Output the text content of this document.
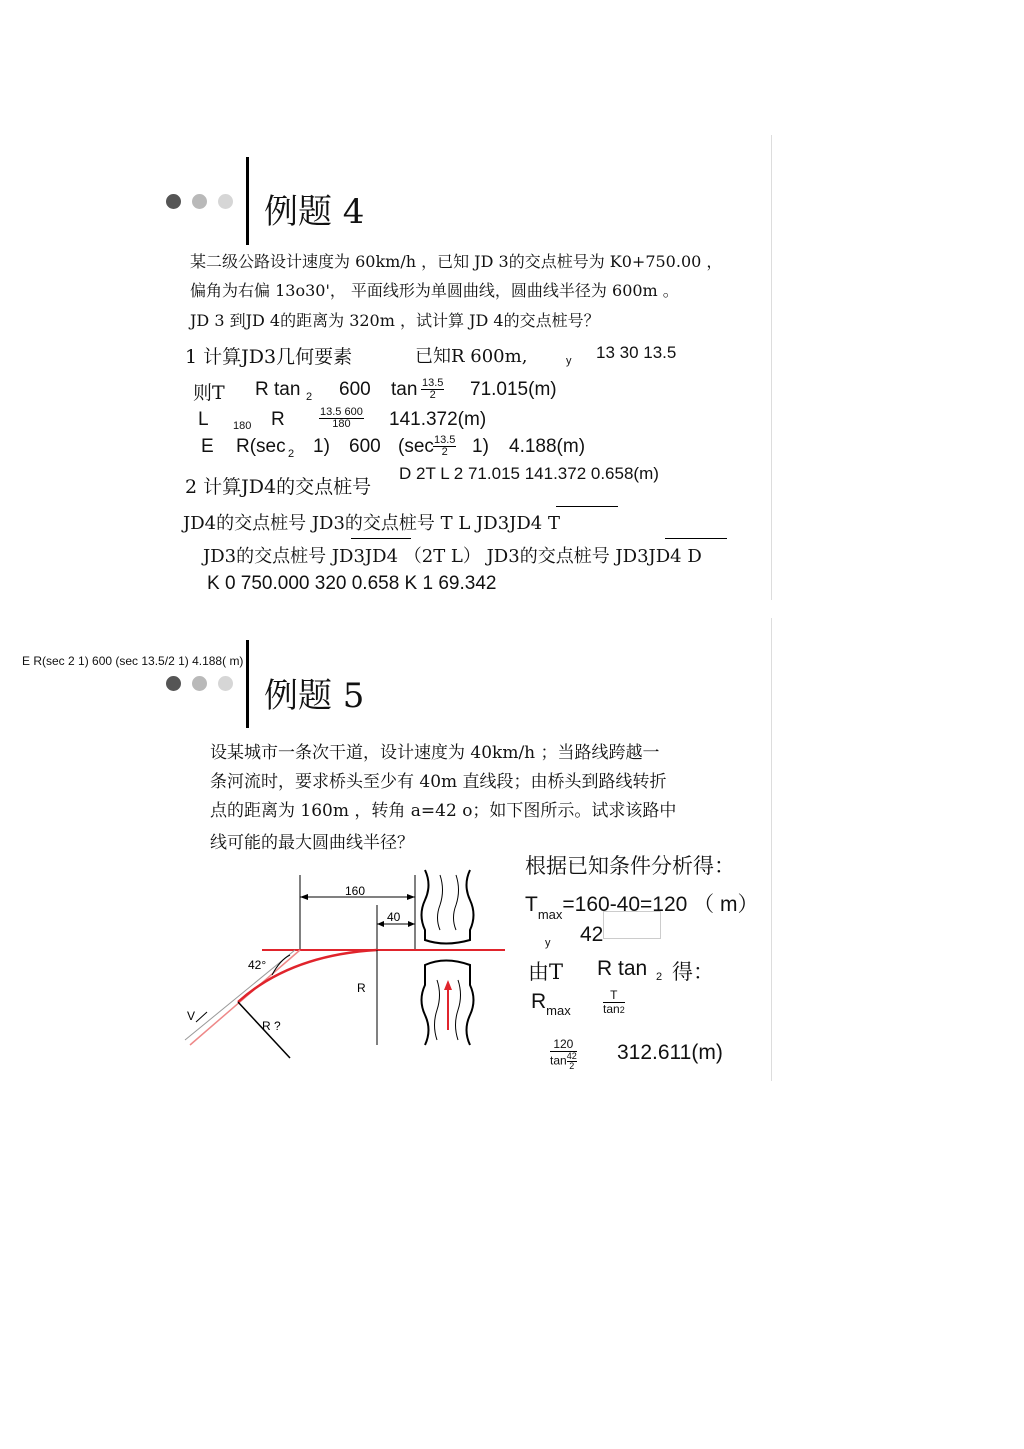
例题 4
某二级公路设计速度为 60km/h ，已知 JD 3的交点桩号为 K0+750.00 ，
偏角为右偏 13o30'， 平面线形为单圆曲线，圆曲线半径为 600m 。
JD 3 到JD 4的距离为 320m ，试计算 JD 4的交点桩号？
1 计算JD3几何要素	已知R 600m,	y 13 30 13.5
则T R tan 2 600 $\tan \frac{13.5}{2} 71.015(m)$
L 180 R	$\frac{13.5 600}{180} 141.372(m)$
E R(sec 2 1) 600 $(\sec \frac{13.5}{2} 1)$ 4.188(m)
2 计算JD4的交点桩号
D 2T L 2 71.015 141.372 0.658(m)
JD4的交点桩号 JD3的交点桩号 T L JD3JD4 T
JD3的交点桩号 JD3JD4 （2T L） JD3的交点桩号 JD3JD4 D
K 0 750.000 320 0.658 K 1 69.342
E R(sec 2 1) 600 (sec 13.5/2 1) 4.188( m)
例题 5
设某城市一条次干道，设计速度为 40km/h ；当路线跨越一
条河流时，要求桥头至少有 40m 直线段；由桥头到路线转折
点的距离为 160m ，转角 a=42 o；如下图所示。试求该路中
线可能的最大圆曲线半径？
根据已知条件分析得：
$T_{max}=160-40=120$ （ m）
y 42
由T R tan 2 得：
$R_{max}$	$\frac{T}{\tan 2}$
$\frac{120}{\tan \frac{42}{2}} 312.611(m)$
160
40
42°
R
R ?
V
